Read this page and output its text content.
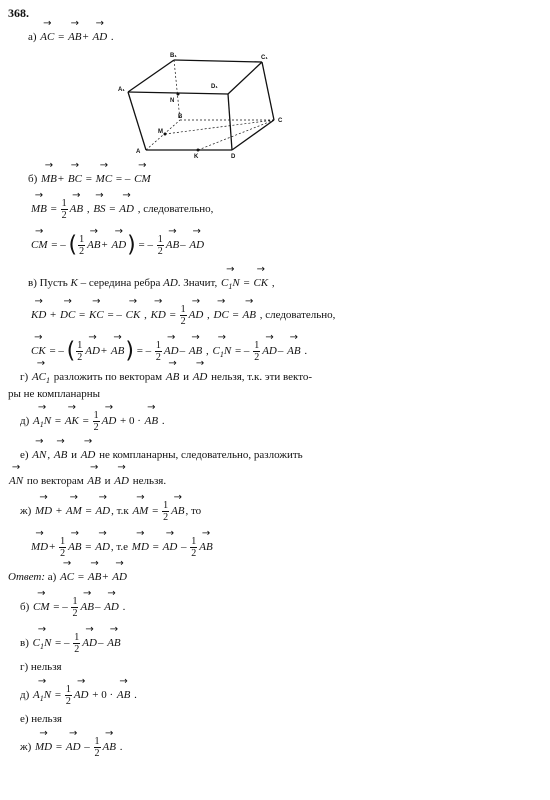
368.
а) → AC = → AB+ → AD .
A₁
B₁	C₁
D₁
N
B
M
C
A
K	D
б) → MB+ → BC = → MC = – → CM
→ MB = $\frac{1}{2}$
→ AB , → BS = → AD , следовательно,
→ CM = – ( $\frac{1}{2}$
→ AB+ → AD) = – $\frac{1}{2}$
→ AB– → AD
в) Пусть K – середина ребра AD. Значит, → $C_1N$ = → CK ,
→ KD + → DC = → KC = – → CK , → KD = $\frac{1}{2}$
→ AD , → DC = → AB , следовательно,
→ CK = – ( $\frac{1}{2}$
→ AD+ → AB) = – $\frac{1}{2}$
→ AD– → AB , → $C_1N$ = – $\frac{1}{2}$
→ AD– → AB .
$г) \to AC_1$ разложить по векторам → AB и → AD нельзя, т.к. эти векто-
ры не компланарны
$д) \to A_1N$ = → AK = $\frac{1}{2}$
→ AD + 0 · → AB .
е) → AN, → AB и → AD не компланарны, следовательно, разложить
→ AN по векторам → AB и → AD нельзя.
ж) → MD + → AM = → AD, т.к → AM = $\frac{1}{2}$
→ AB, то
→ $MD+ \frac{1}{2}$
→ AB = → AD, т.е → MD = → AD – $\frac{1}{2}$
→ AB
Ответ: а) → AC = → AB+ → AD
б) → CM = – $\frac{1}{2}$
→ AB– → AD .
$в) \to C_1N$ = – $\frac{1}{2}$
→ AD– → AB
г) нельзя
$д) \to A_1N = \frac{1}{2}$
→ AD + 0 · → AB .
е) нельзя
ж) → MD = → AD – $\frac{1}{2}$
→ AB .
